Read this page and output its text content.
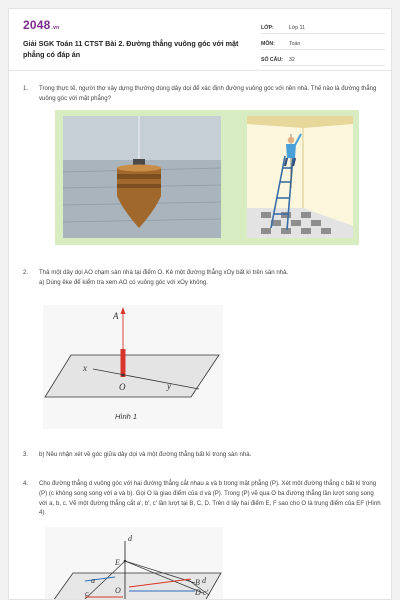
2048.vn
Giải SGK Toán 11 CTST Bài 2. Đường thẳng vuông góc với mặt phẳng có đáp án
LỚP:	Lớp 11
MÔN:	Toán
SỐ CÂU:	32
1.	Trong thực tế, người thợ xây dựng thường dùng dây dọi để xác định đường vuông góc với nền nhà. Thế nào là đường thẳng vuông góc với mặt phẳng?
2.	Thả một dây dọi AO chạm sàn nhà tại điểm O. Kẻ một đường thẳng xOy bất kì trên sàn nhà.
a) Dùng êke để kiểm tra xem AO có vuông góc với xOy không.
A
O
x
y
Hình 1
3.	b) Nêu nhận xét về góc giữa dây dọi và một đường thẳng bất kì trong sàn nhà.
4.	Cho đường thẳng d vuông góc với hai đường thẳng cắt nhau a và b trong mặt phẳng (P). Xét một đường thẳng c bất kì trong (P) (c không song song với a và b). Gọi O là giao điểm của d và (P). Trong (P) vẽ qua O ba đường thẳng lần lượt song song với a, b, c. Vẽ một đường thẳng cắt a', b', c' lần lượt tại B, C, D. Trên d lấy hai điểm E, F sao cho O là trung điểm của EF (Hình 4).
d
E
O
a
c
B d
D c'
